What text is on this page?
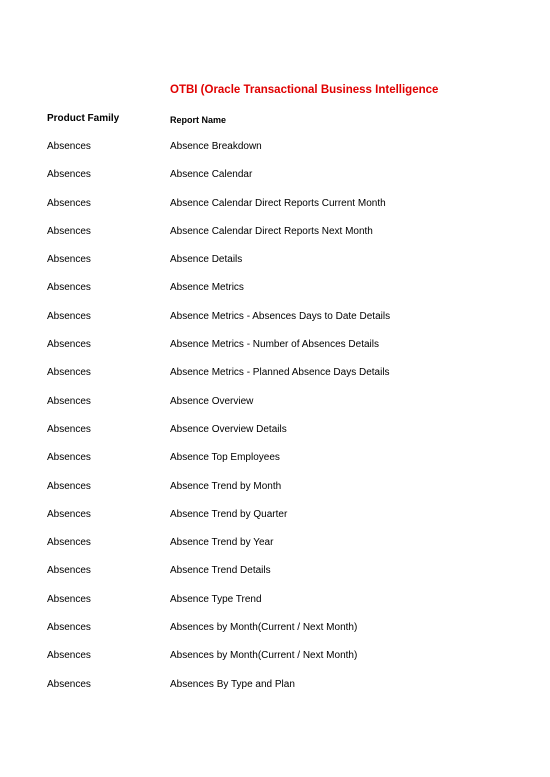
OTBI (Oracle Transactional Business Intelligence
Product Family	Report Name
Absences	Absence Breakdown
Absences	Absence Calendar
Absences	Absence Calendar Direct Reports Current Month
Absences	Absence Calendar Direct Reports Next Month
Absences	Absence Details
Absences	Absence Metrics
Absences	Absence Metrics - Absences Days to Date Details
Absences	Absence Metrics - Number of Absences Details
Absences	Absence Metrics - Planned Absence Days Details
Absences	Absence Overview
Absences	Absence Overview Details
Absences	Absence Top Employees
Absences	Absence Trend by Month
Absences	Absence Trend by Quarter
Absences	Absence Trend by Year
Absences	Absence Trend Details
Absences	Absence Type Trend
Absences	Absences by Month(Current / Next Month)
Absences	Absences by Month(Current / Next Month)
Absences	Absences By Type and Plan
